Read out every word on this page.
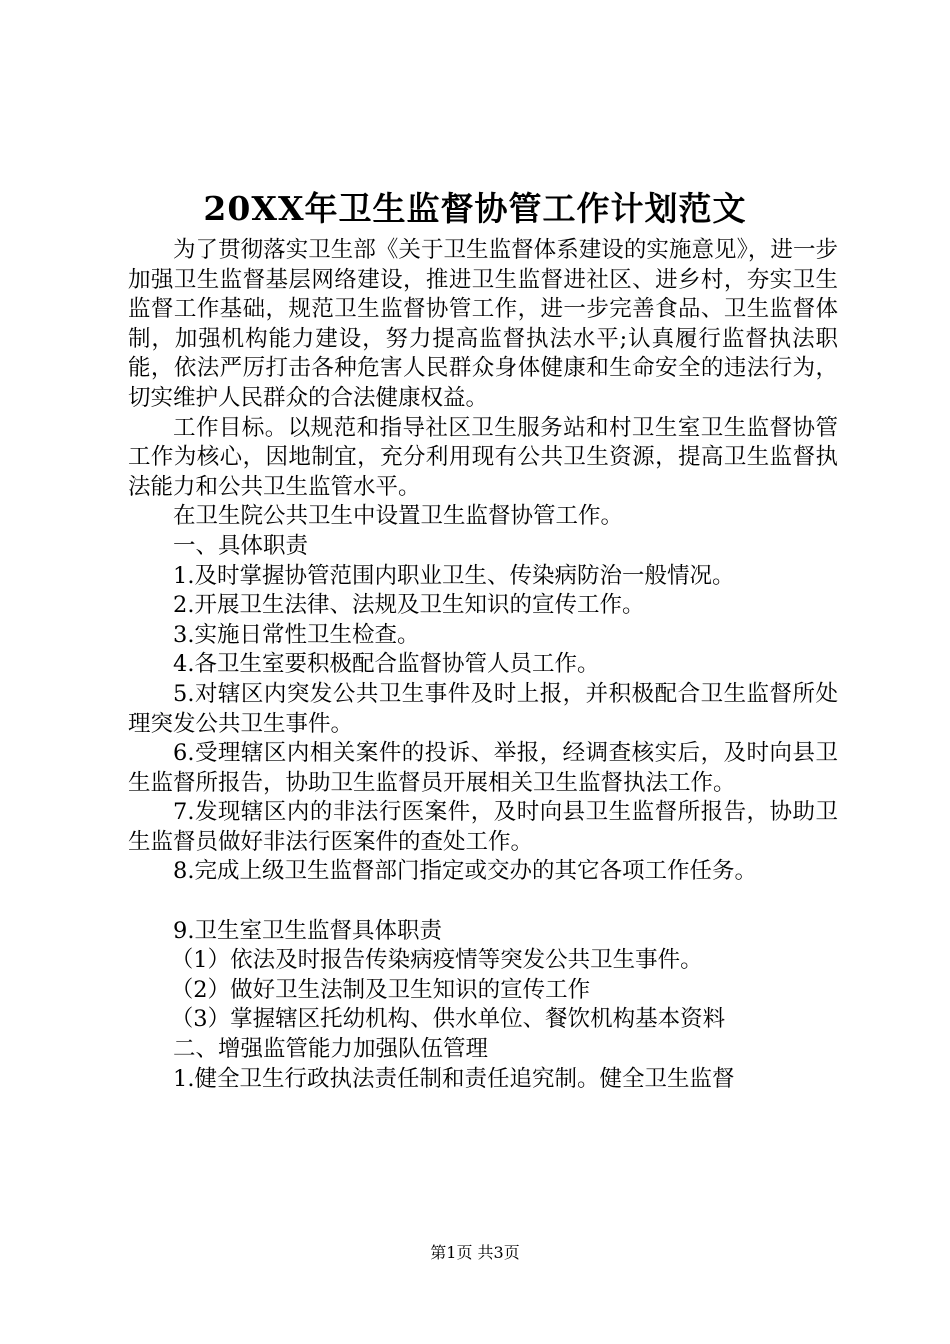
20XX年卫生监督协管工作计划范文

为了贯彻落实卫生部《关于卫生监督体系建设的实施意见》，进一步加强卫生监督基层网络建设，推进卫生监督进社区、进乡村，夯实卫生监督工作基础，规范卫生监督协管工作，进一步完善食品、卫生监督体制，加强机构能力建设，努力提高监督执法水平;认真履行监督执法职能，依法严厉打击各种危害人民群众身体健康和生命安全的违法行为，切实维护人民群众的合法健康权益。

工作目标。以规范和指导社区卫生服务站和村卫生室卫生监督协管工作为核心，因地制宜，充分利用现有公共卫生资源，提高卫生监督执法能力和公共卫生监管水平。

在卫生院公共卫生中设置卫生监督协管工作。

一、具体职责

1.及时掌握协管范围内职业卫生、传染病防治一般情况。

2.开展卫生法律、法规及卫生知识的宣传工作。

3.实施日常性卫生检查。

4.各卫生室要积极配合监督协管人员工作。

5.对辖区内突发公共卫生事件及时上报，并积极配合卫生监督所处理突发公共卫生事件。

6.受理辖区内相关案件的投诉、举报，经调查核实后，及时向县卫生监督所报告，协助卫生监督员开展相关卫生监督执法工作。

7.发现辖区内的非法行医案件，及时向县卫生监督所报告，协助卫生监督员做好非法行医案件的查处工作。

8.完成上级卫生监督部门指定或交办的其它各项工作任务。

9.卫生室卫生监督具体职责

（1）依法及时报告传染病疫情等突发公共卫生事件。

（2）做好卫生法制及卫生知识的宣传工作

（3）掌握辖区托幼机构、供水单位、餐饮机构基本资料

二、增强监管能力加强队伍管理

1.健全卫生行政执法责任制和责任追究制。健全卫生监督

第1页 共3页
